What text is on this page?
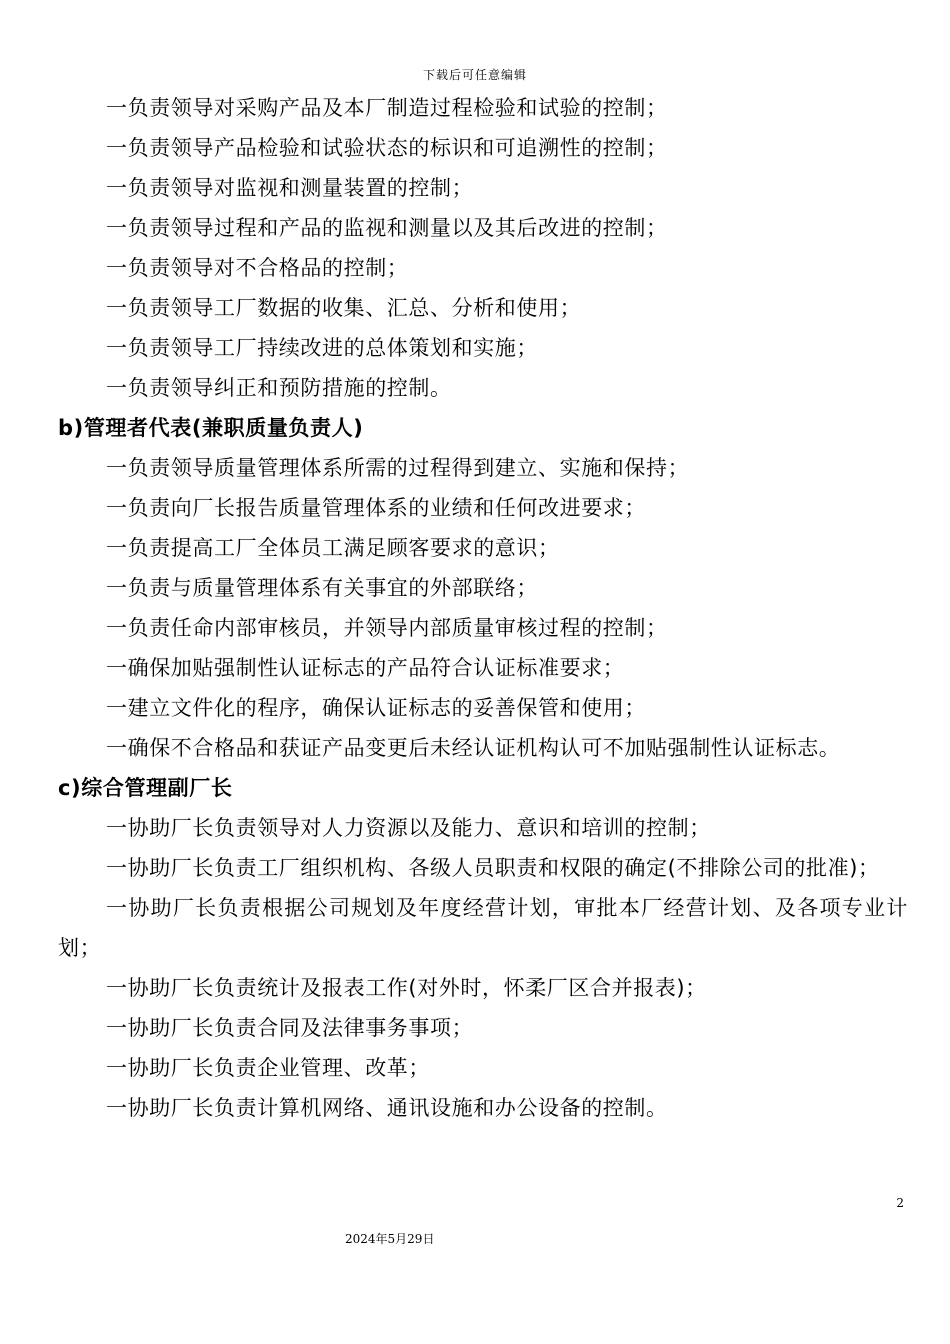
下载后可任意编辑
一负责领导对采购产品及本厂制造过程检验和试验的控制；
一负责领导产品检验和试验状态的标识和可追溯性的控制；
一负责领导对监视和测量装置的控制；
一负责领导过程和产品的监视和测量以及其后改进的控制；
一负责领导对不合格品的控制；
一负责领导工厂数据的收集、汇总、分析和使用；
一负责领导工厂持续改进的总体策划和实施；
一负责领导纠正和预防措施的控制。
b)管理者代表(兼职质量负责人)
一负责领导质量管理体系所需的过程得到建立、实施和保持；
一负责向厂长报告质量管理体系的业绩和任何改进要求；
一负责提高工厂全体员工满足顾客要求的意识；
一负责与质量管理体系有关事宜的外部联络；
一负责任命内部审核员，并领导内部质量审核过程的控制；
一确保加贴强制性认证标志的产品符合认证标准要求；
一建立文件化的程序，确保认证标志的妥善保管和使用；
一确保不合格品和获证产品变更后未经认证机构认可不加贴强制性认证标志。
c)综合管理副厂长
一协助厂长负责领导对人力资源以及能力、意识和培训的控制；
一协助厂长负责工厂组织机构、各级人员职责和权限的确定(不排除公司的批准)；
一协助厂长负责根据公司规划及年度经营计划，审批本厂经营计划、及各项专业计划；
一协助厂长负责统计及报表工作(对外时，怀柔厂区合并报表)；
一协助厂长负责合同及法律事务事项；
一协助厂长负责企业管理、改革；
一协助厂长负责计算机网络、通讯设施和办公设备的控制。
2
2024年5月29日
